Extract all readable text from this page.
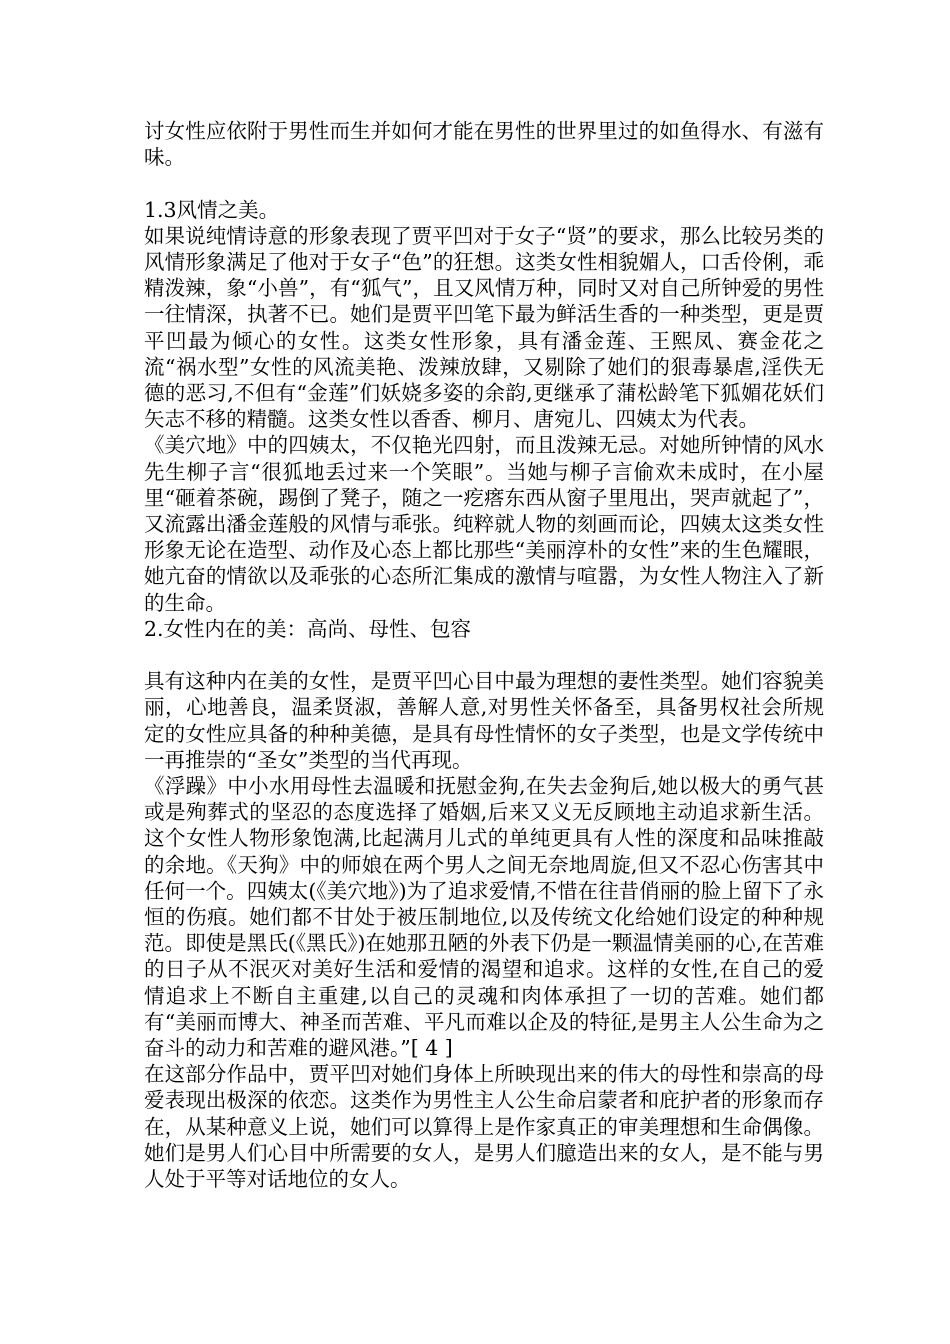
讨女性应依附于男性而生并如何才能在男性的世界里过的如鱼得水、有滋有味。

1.3风情之美。

如果说纯情诗意的形象表现了贾平凹对于女子“贤”的要求，那么比较另类的风情形象满足了他对于女子“色”的狂想。这类女性相貌媚人，口舌伶俐，乖精泼辣，象“小兽”，有“狐气”，且又风情万种，同时又对自己所钟爱的男性一往情深，执著不已。她们是贾平凹笔下最为鲜活生香的一种类型，更是贾平凹最为倾心的女性。这类女性形象，具有潘金莲、王熙凤、赛金花之流“祸水型”女性的风流美艳、泼辣放肆，又剔除了她们的狠毒暴虐,淫佚无德的恶习,不但有“金莲”们妖娆多姿的余韵,更继承了蒲松龄笔下狐媚花妖们矢志不移的精髓。这类女性以香香、柳月、唐宛儿、四姨太为代表。

《美穴地》中的四姨太，不仅艳光四射，而且泼辣无忌。对她所钟情的风水先生柳子言“很狐地丢过来一个笑眼”。当她与柳子言偷欢未成时，在小屋里“砸着茶碗，踢倒了凳子，随之一疙瘩东西从窗子里甩出，哭声就起了”，又流露出潘金莲般的风情与乖张。纯粹就人物的刻画而论，四姨太这类女性形象无论在造型、动作及心态上都比那些“美丽淳朴的女性”来的生色耀眼，她亢奋的情欲以及乖张的心态所汇集成的激情与喧嚣，为女性人物注入了新的生命。

2.女性内在的美：高尚、母性、包容

具有这种内在美的女性，是贾平凹心目中最为理想的妻性类型。她们容貌美丽，心地善良，温柔贤淑，善解人意,对男性关怀备至，具备男权社会所规定的女性应具备的种种美德，是具有母性情怀的女子类型，也是文学传统中一再推崇的“圣女”类型的当代再现。

《浮躁》中小水用母性去温暖和抚慰金狗,在失去金狗后,她以极大的勇气甚或是殉葬式的坚忍的态度选择了婚姻,后来又义无反顾地主动追求新生活。这个女性人物形象饱满,比起满月儿式的单纯更具有人性的深度和品味推敲的余地。《天狗》中的师娘在两个男人之间无奈地周旋,但又不忍心伤害其中任何一个。四姨太(《美穴地》)为了追求爱情,不惜在往昔俏丽的脸上留下了永恒的伤痕。她们都不甘处于被压制地位,以及传统文化给她们设定的种种规范。即使是黑氏(《黑氏》)在她那丑陋的外表下仍是一颗温情美丽的心,在苦难的日子从不泯灭对美好生活和爱情的渴望和追求。这样的女性,在自己的爱情追求上不断自主重建,以自己的灵魂和肉体承担了一切的苦难。她们都有“美丽而博大、神圣而苦难、平凡而难以企及的特征,是男主人公生命为之奋斗的动力和苦难的避风港。”[ 4 ]

在这部分作品中，贾平凹对她们身体上所映现出来的伟大的母性和崇高的母爱表现出极深的依恋。这类作为男性主人公生命启蒙者和庇护者的形象而存在，从某种意义上说，她们可以算得上是作家真正的审美理想和生命偶像。她们是男人们心目中所需要的女人，是男人们臆造出来的女人，是不能与男人处于平等对话地位的女人。
